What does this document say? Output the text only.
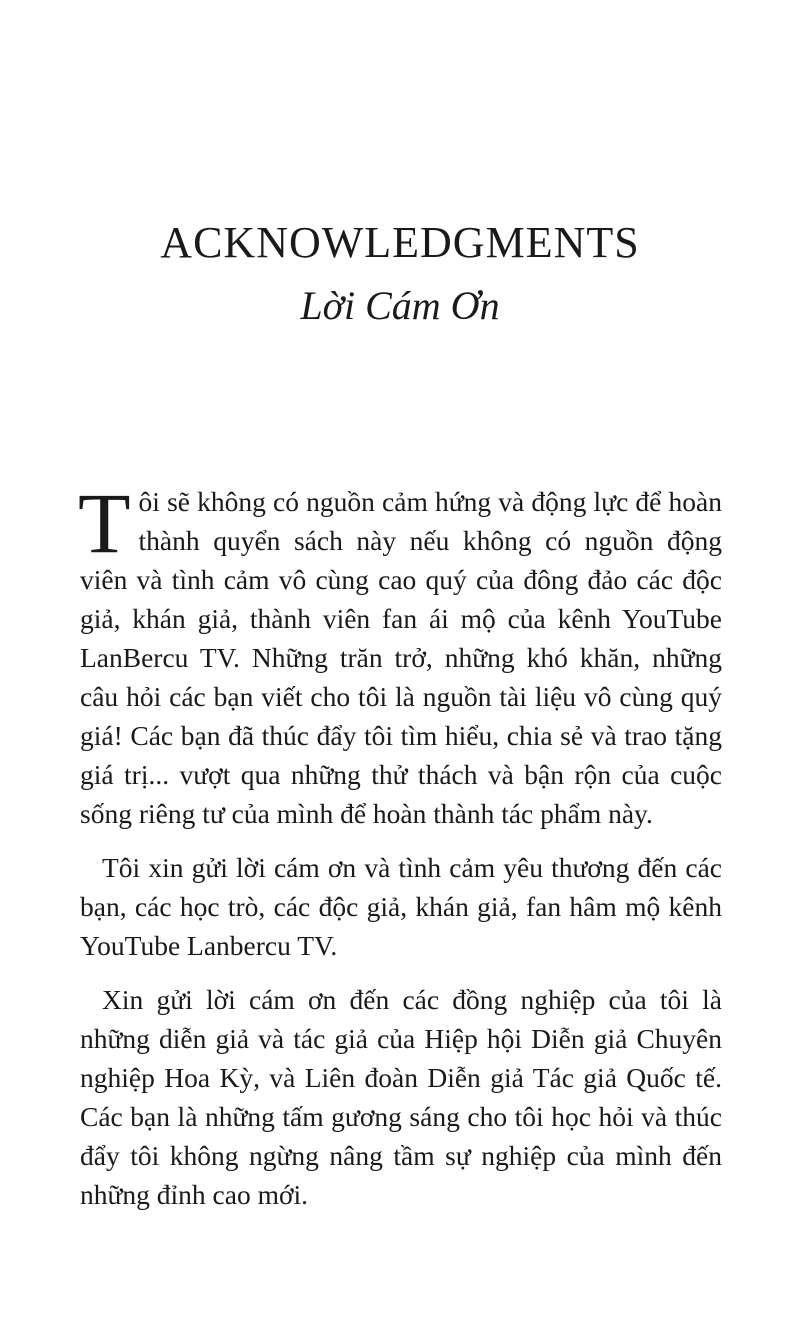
ACKNOWLEDGMENTS
Lời Cám Ơn

Tôi sẽ không có nguồn cảm hứng và động lực để hoàn thành quyển sách này nếu không có nguồn động viên và tình cảm vô cùng cao quý của đông đảo các độc giả, khán giả, thành viên fan ái mộ của kênh YouTube LanBercu TV. Những trăn trở, những khó khăn, những câu hỏi các bạn viết cho tôi là nguồn tài liệu vô cùng quý giá! Các bạn đã thúc đẩy tôi tìm hiểu, chia sẻ và trao tặng giá trị... vượt qua những thử thách và bận rộn của cuộc sống riêng tư của mình để hoàn thành tác phẩm này.

Tôi xin gửi lời cám ơn và tình cảm yêu thương đến các bạn, các học trò, các độc giả, khán giả, fan hâm mộ kênh YouTube Lanbercu TV.

Xin gửi lời cám ơn đến các đồng nghiệp của tôi là những diễn giả và tác giả của Hiệp hội Diễn giả Chuyên nghiệp Hoa Kỳ, và Liên đoàn Diễn giả Tác giả Quốc tế. Các bạn là những tấm gương sáng cho tôi học hỏi và thúc đẩy tôi không ngừng nâng tầm sự nghiệp của mình đến những đỉnh cao mới.
